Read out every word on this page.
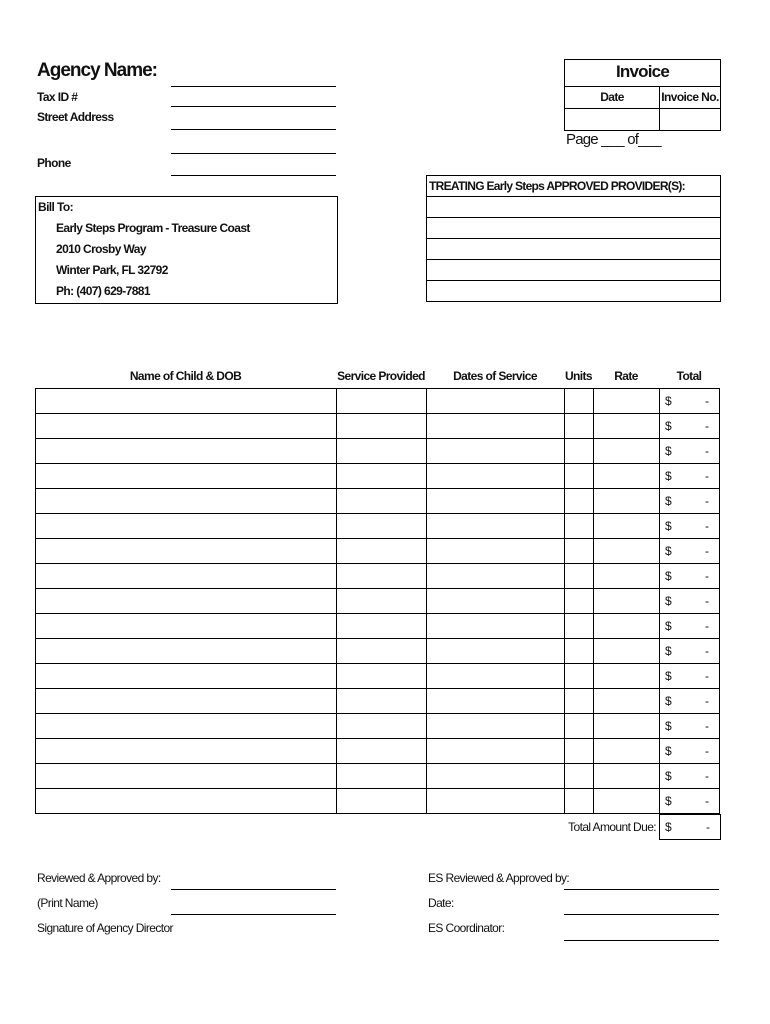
Agency Name:
Tax ID #
Street Address
Phone
Invoice
Date	Invoice No.
Page ___ of___
TREATING Early Steps APPROVED PROVIDER(S):
Bill To:
Early Steps Program - Treasure Coast
2010 Crosby Way
Winter Park, FL 32792
Ph: (407) 629-7881
Name of Child & DOB	Service Provided	Dates of Service	Units	Rate	Total

					$ -

					$ -

					$ -

					$ -

					$ -

					$ -

					$ -

					$ -

					$ -

					$ -

					$ -

					$ -

					$ -

					$ -

					$ -

					$ -

					$ -
Total Amount Due: $	-
Reviewed & Approved by:
(Print Name)
Signature of Agency Director
ES Reviewed & Approved by:
Date:
ES Coordinator:
